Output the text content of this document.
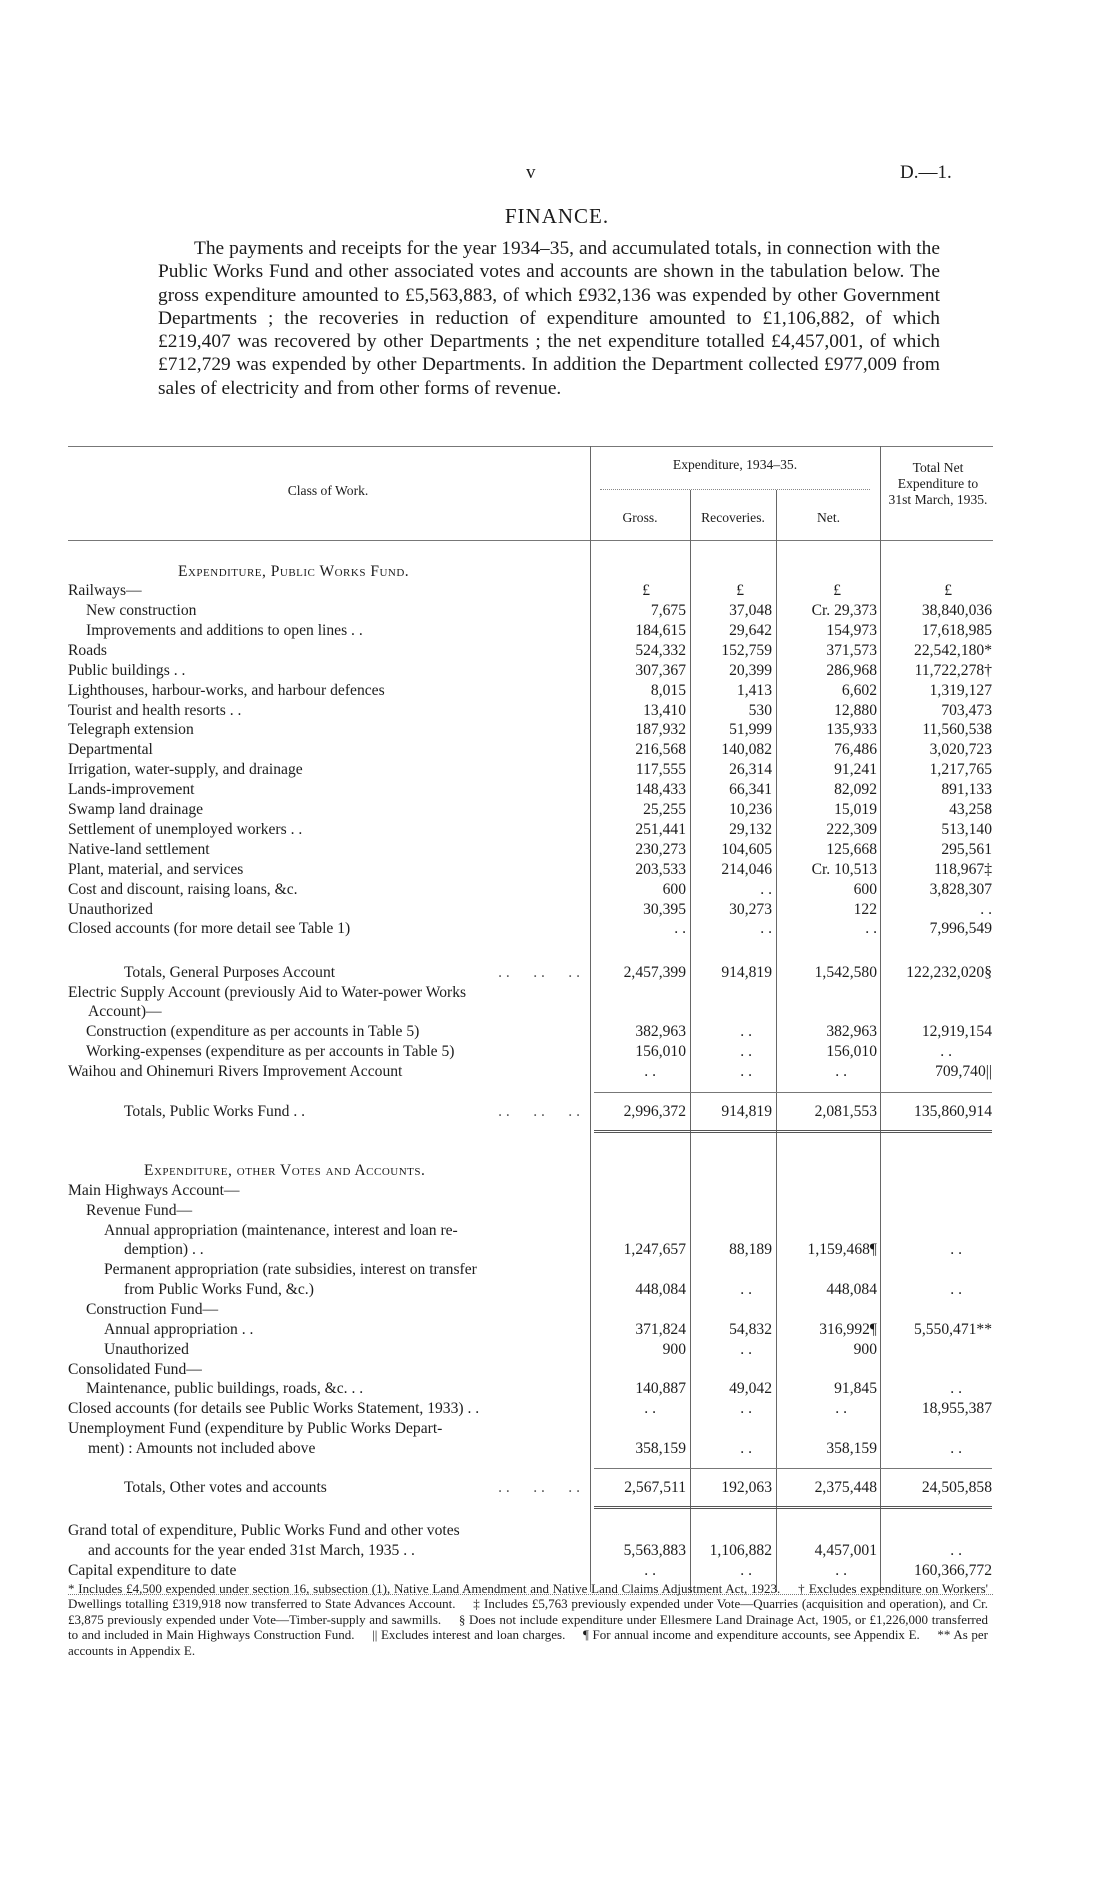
v	D.—1.
FINANCE.

The payments and receipts for the year 1934–35, and accumulated totals, in connection with the Public Works Fund and other associated votes and accounts are shown in the tabulation below. The gross expenditure amounted to £5,563,883, of which £932,136 was expended by other Government Departments ; the recoveries in reduction of expenditure amounted to £1,106,882, of which £219,407 was recovered by other Departments ; the net expenditure totalled £4,457,001, of which £712,729 was expended by other Departments. In addition the Department collected £977,009 from sales of electricity and from other forms of revenue.

Class of Work.
Expenditure, 1934–35.
Gross.	Recoveries.	Net.
Total Net Expenditure to 31st March, 1935.
Expenditure, Public Works Fund.
Railways—	£	£	£	£
New construction	7,675	37,048	Cr. 29,373	38,840,036
Improvements and additions to open lines . .	184,615	29,642	154,973	17,618,985
Roads	524,332	152,759	371,573	22,542,180*
Public buildings . .	307,367	20,399	286,968	11,722,278†
Lighthouses, harbour-works, and harbour defences	8,015	1,413	6,602	1,319,127
Tourist and health resorts . .	13,410	530	12,880	703,473
Telegraph extension	187,932	51,999	135,933	11,560,538
Departmental	216,568	140,082	76,486	3,020,723
Irrigation, water-supply, and drainage	117,555	26,314	91,241	1,217,765
Lands-improvement	148,433	66,341	82,092	891,133
Swamp land drainage	25,255	10,236	15,019	43,258
Settlement of unemployed workers . .	251,441	29,132	222,309	513,140
Native-land settlement	230,273	104,605	125,668	295,561
Plant, material, and services	203,533	214,046	Cr. 10,513	118,967‡
Cost and discount, raising loans, &c.	600	. .	600	3,828,307
Unauthorized	30,395	30,273	122	. .
Closed accounts (for more detail see Table 1)	. .	. .	. .	7,996,549
Totals, General Purposes Account	. .      . .      . .	2,457,399	914,819	1,542,580	122,232,020§
Electric Supply Account (previously Aid to Water-power Works
Account)—
Construction (expenditure as per accounts in Table 5)	382,963	. .	382,963	12,919,154
Working-expenses (expenditure as per accounts in Table 5)	156,010	. .	156,010	. .
Waihou and Ohinemuri Rivers Improvement Account	. .	. .	. .	709,740||
Totals, Public Works Fund . .	. .      . .      . .	2,996,372	914,819	2,081,553	135,860,914
Expenditure, other Votes and Accounts.
Main Highways Account—
Revenue Fund—
Annual appropriation (maintenance, interest and loan re-
demption) . .	1,247,657	88,189	1,159,468¶	. .
Permanent appropriation (rate subsidies, interest on transfer
from Public Works Fund, &c.)	448,084	. .	448,084	. .
Construction Fund—
Annual appropriation . .	371,824	54,832	316,992¶	5,550,471**
Unauthorized	900	. .	900
Consolidated Fund—
Maintenance, public buildings, roads, &c. . .	140,887	49,042	91,845	. .
Closed accounts (for details see Public Works Statement, 1933) . .	. .	. .	. .	18,955,387
Unemployment Fund (expenditure by Public Works Depart-
ment) : Amounts not included above	358,159	. .	358,159	. .
Totals, Other votes and accounts	. .      . .      . .	2,567,511	192,063	2,375,448	24,505,858
Grand total of expenditure, Public Works Fund and other votes
and accounts for the year ended 31st March, 1935 . .	5,563,883	1,106,882	4,457,001	. .
Capital expenditure to date	. .	. .	. .	160,366,772

* Includes £4,500 expended under section 16, subsection (1), Native Land Amendment and Native Land Claims Adjustment Act, 1923. † Excludes expenditure on Workers' Dwellings totalling £319,918 now transferred to State Advances Account. ‡ Includes £5,763 previously expended under Vote—Quarries (acquisition and operation), and Cr. £3,875 previously expended under Vote—Timber-supply and sawmills. § Does not include expenditure under Ellesmere Land Drainage Act, 1905, or £1,226,000 transferred to and included in Main Highways Construction Fund. || Excludes interest and loan charges. ¶ For annual income and expenditure accounts, see Appendix E. ** As per accounts in Appendix E.
